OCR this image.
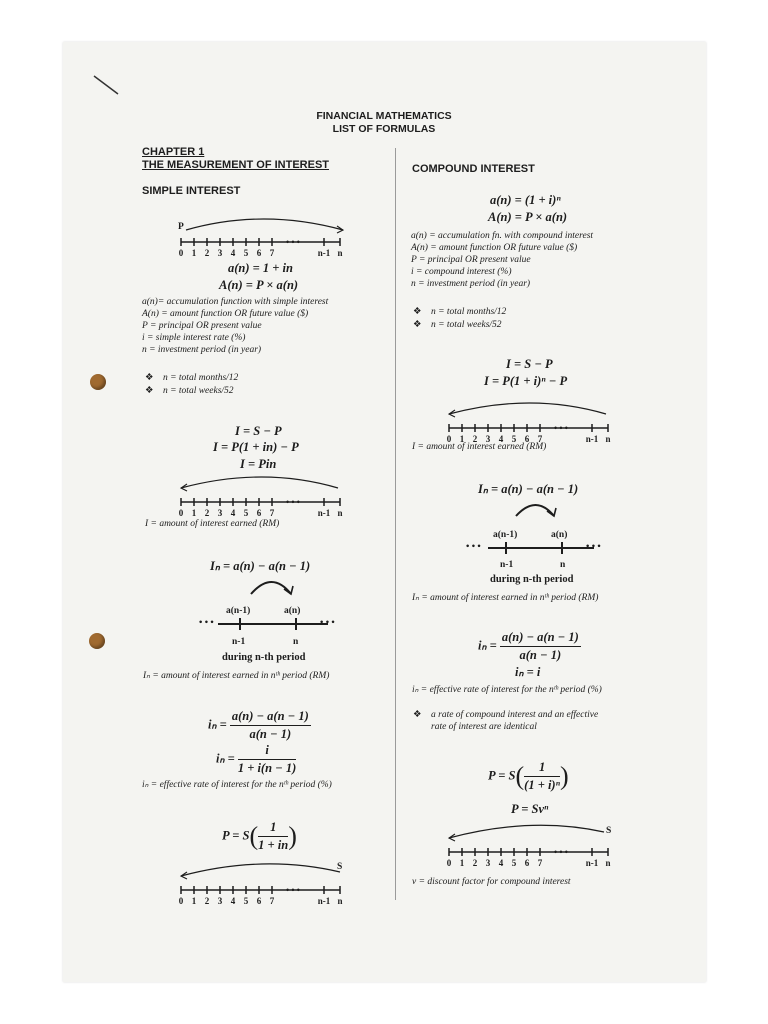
FINANCIAL MATHEMATICS
LIST OF FORMULAS
CHAPTER 1
THE MEASUREMENT OF INTEREST
SIMPLE INTEREST
P
0 1 2 3 4 5 6 7
• • •
n-1 n
a(n) = 1 + in
A(n) = P × a(n)
a(n)= accumulation function with simple interest
A(n) = amount function OR future value ($)
P = principal OR present value
i = simple interest rate (%)
n = investment period (in year)
❖ n = total months/12
❖ n = total weeks/52
I = S − P
I = P(1 + in) − P
I = Pin
0 1 2 3 4 5 6 7
• • •
n-1 n
I = amount of interest earned (RM)
Iₙ = a(n) − a(n − 1)
a(n-1)	a(n)
• • •	• • •
n-1	n
during n-th period
Iₙ = amount of interest earned in nᵗʰ period (RM)
$i_n = \frac{a(n) - a(n - 1)}{a(n - 1)}$
$i_n = \frac{i}{1 + i(n - 1)}$
iₙ = effective rate of interest for the nᵗʰ period (%)
$P = S( \frac{1}{1 + in}$ )
S
0 1 2 3 4 5 6 7
• • •
n-1 n
COMPOUND INTEREST
a(n) = (1 + i)ⁿ
A(n) = P × a(n)
a(n) = accumulation fn. with compound interest
A(n) = amount function OR future value ($)
P = principal OR present value
i = compound interest (%)
n = investment period (in year)
❖ n = total months/12
❖ n = total weeks/52
I = S − P
I = P(1 + i)ⁿ − P
0 1 2 3 4 5 6 7
• • •
n-1 n
I = amount of interest earned (RM)
Iₙ = a(n) − a(n − 1)
a(n-1)	a(n)
• • •	• • •
n-1	n
during n-th period
Iₙ = amount of interest earned in nᵗʰ period (RM)
$i_n = \frac{a(n) - a(n - 1)}{a(n - 1)}$
iₙ = i
iₙ = effective rate of interest for the nᵗʰ period (%)
❖ a rate of compound interest and an effective
rate of interest are identical
$P = S( \frac{1}{\text{(1 + i)ⁿ}}$ )
P = Svⁿ
S
0 1 2 3 4 5 6 7
• • •
n-1 n
v = discount factor for compound interest
